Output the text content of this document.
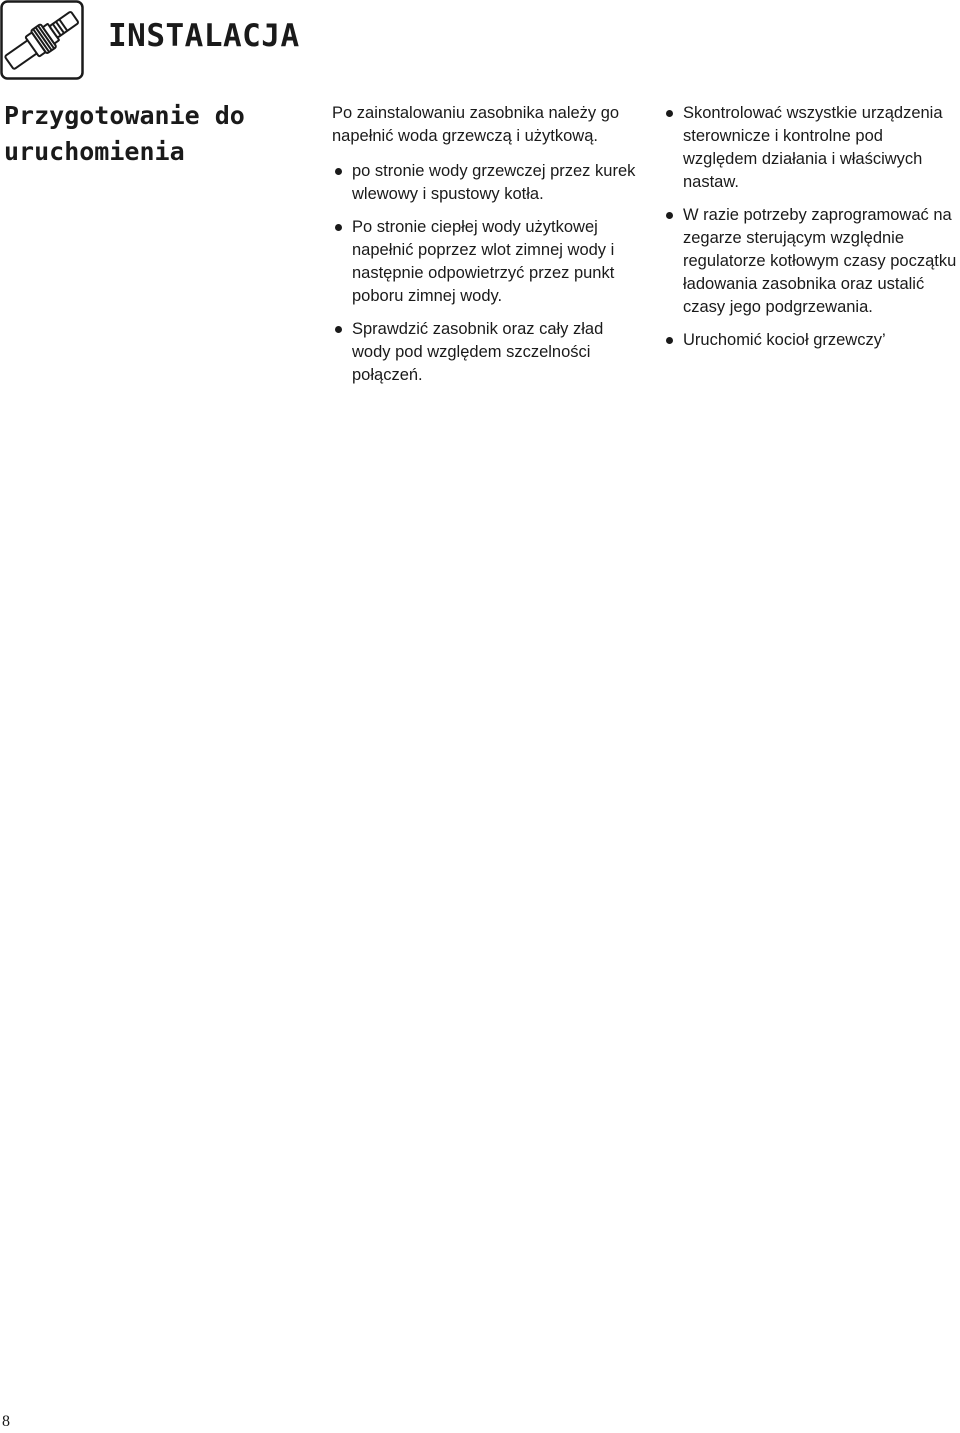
INSTALACJA
Przygotowanie do
uruchomienia

Po zainstalowaniu zasobnika należy go napełnić woda grzewczą i użytkową.

po stronie wody grzewczej przez kurek wlewowy i spustowy kotła.
Po stronie ciepłej wody użytkowej napełnić poprzez wlot zimnej wody i następnie odpowietrzyć przez punkt poboru zimnej wody.
Sprawdzić zasobnik oraz cały zład wody pod względem szczelności połączeń.
Skontrolować wszystkie urządzenia sterownicze i kontrolne pod względem działania i właściwych nastaw.
W razie potrzeby zaprogramować na zegarze sterującym względnie regulatorze kotłowym czasy początku ładowania zasobnika oraz ustalić czasy jego podgrzewania.
Uruchomić kocioł grzewczy’
8
